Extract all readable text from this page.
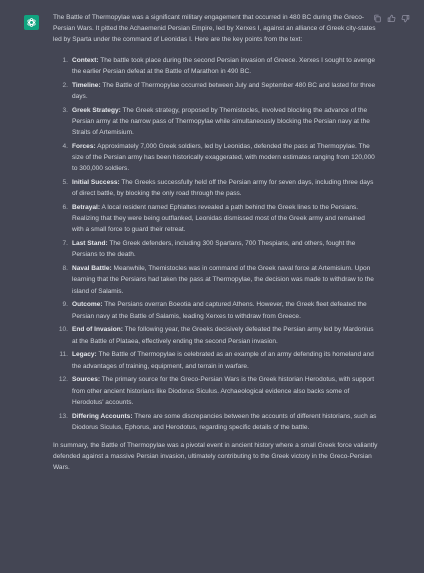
The Battle of Thermopylae was a significant military engagement that occurred in 480 BC during the Greco-Persian Wars. It pitted the Achaemenid Persian Empire, led by Xerxes I, against an alliance of Greek city-states led by Sparta under the command of Leonidas I. Here are the key points from the text:

1. Context: The battle took place during the second Persian invasion of Greece. Xerxes I sought to avenge the earlier Persian defeat at the Battle of Marathon in 490 BC.
2. Timeline: The Battle of Thermopylae occurred between July and September 480 BC and lasted for three days.
3. Greek Strategy: The Greek strategy, proposed by Themistocles, involved blocking the advance of the Persian army at the narrow pass of Thermopylae while simultaneously blocking the Persian navy at the Straits of Artemisium.
4. Forces: Approximately 7,000 Greek soldiers, led by Leonidas, defended the pass at Thermopylae. The size of the Persian army has been historically exaggerated, with modern estimates ranging from 120,000 to 300,000 soldiers.
5. Initial Success: The Greeks successfully held off the Persian army for seven days, including three days of direct battle, by blocking the only road through the pass.
6. Betrayal: A local resident named Ephialtes revealed a path behind the Greek lines to the Persians. Realizing that they were being outflanked, Leonidas dismissed most of the Greek army and remained with a small force to guard their retreat.
7. Last Stand: The Greek defenders, including 300 Spartans, 700 Thespians, and others, fought the Persians to the death.
8. Naval Battle: Meanwhile, Themistocles was in command of the Greek naval force at Artemisium. Upon learning that the Persians had taken the pass at Thermopylae, the decision was made to withdraw to the island of Salamis.
9. Outcome: The Persians overran Boeotia and captured Athens. However, the Greek fleet defeated the Persian navy at the Battle of Salamis, leading Xerxes to withdraw from Greece.
10. End of Invasion: The following year, the Greeks decisively defeated the Persian army led by Mardonius at the Battle of Plataea, effectively ending the second Persian invasion.
11. Legacy: The Battle of Thermopylae is celebrated as an example of an army defending its homeland and the advantages of training, equipment, and terrain in warfare.
12. Sources: The primary source for the Greco-Persian Wars is the Greek historian Herodotus, with support from other ancient historians like Diodorus Siculus. Archaeological evidence also backs some of Herodotus' accounts.
13. Differing Accounts: There are some discrepancies between the accounts of different historians, such as Diodorus Siculus, Ephorus, and Herodotus, regarding specific details of the battle.

In summary, the Battle of Thermopylae was a pivotal event in ancient history where a small Greek force valiantly defended against a massive Persian invasion, ultimately contributing to the Greek victory in the Greco-Persian Wars.
